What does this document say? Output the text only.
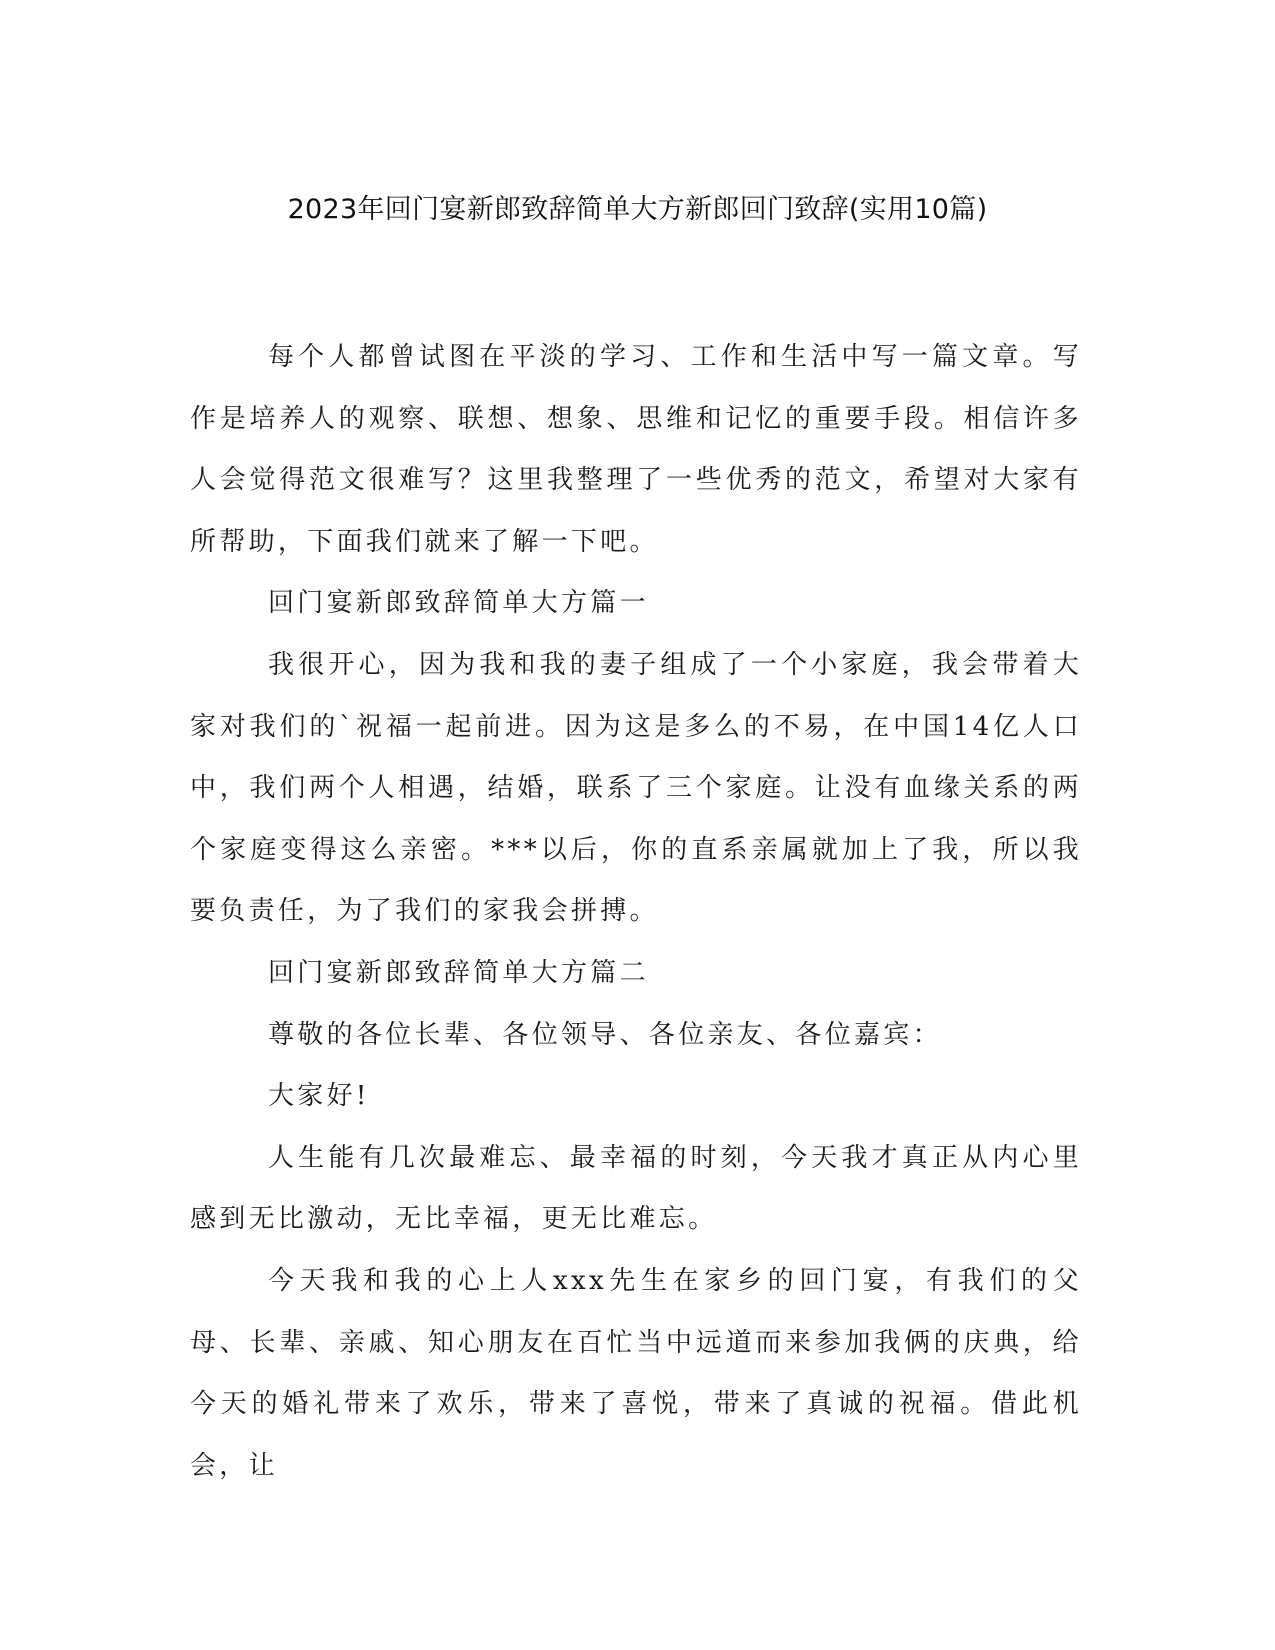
2023年回门宴新郎致辞简单大方新郎回门致辞(实用10篇)

每个人都曾试图在平淡的学习、工作和生活中写一篇文章。写作是培养人的观察、联想、想象、思维和记忆的重要手段。相信许多人会觉得范文很难写？这里我整理了一些优秀的范文，希望对大家有所帮助，下面我们就来了解一下吧。

回门宴新郎致辞简单大方篇一

我很开心，因为我和我的妻子组成了一个小家庭，我会带着大家对我们的`祝福一起前进。因为这是多么的不易，在中国14亿人口中，我们两个人相遇，结婚，联系了三个家庭。让没有血缘关系的两个家庭变得这么亲密。***以后，你的直系亲属就加上了我，所以我要负责任，为了我们的家我会拼搏。

回门宴新郎致辞简单大方篇二

尊敬的各位长辈、各位领导、各位亲友、各位嘉宾：

大家好!

人生能有几次最难忘、最幸福的时刻，今天我才真正从内心里感到无比激动，无比幸福，更无比难忘。

今天我和我的心上人xxx先生在家乡的回门宴，有我们的父母、长辈、亲戚、知心朋友在百忙当中远道而来参加我俩的庆典，给今天的婚礼带来了欢乐，带来了喜悦，带来了真诚的祝福。借此机会，让
